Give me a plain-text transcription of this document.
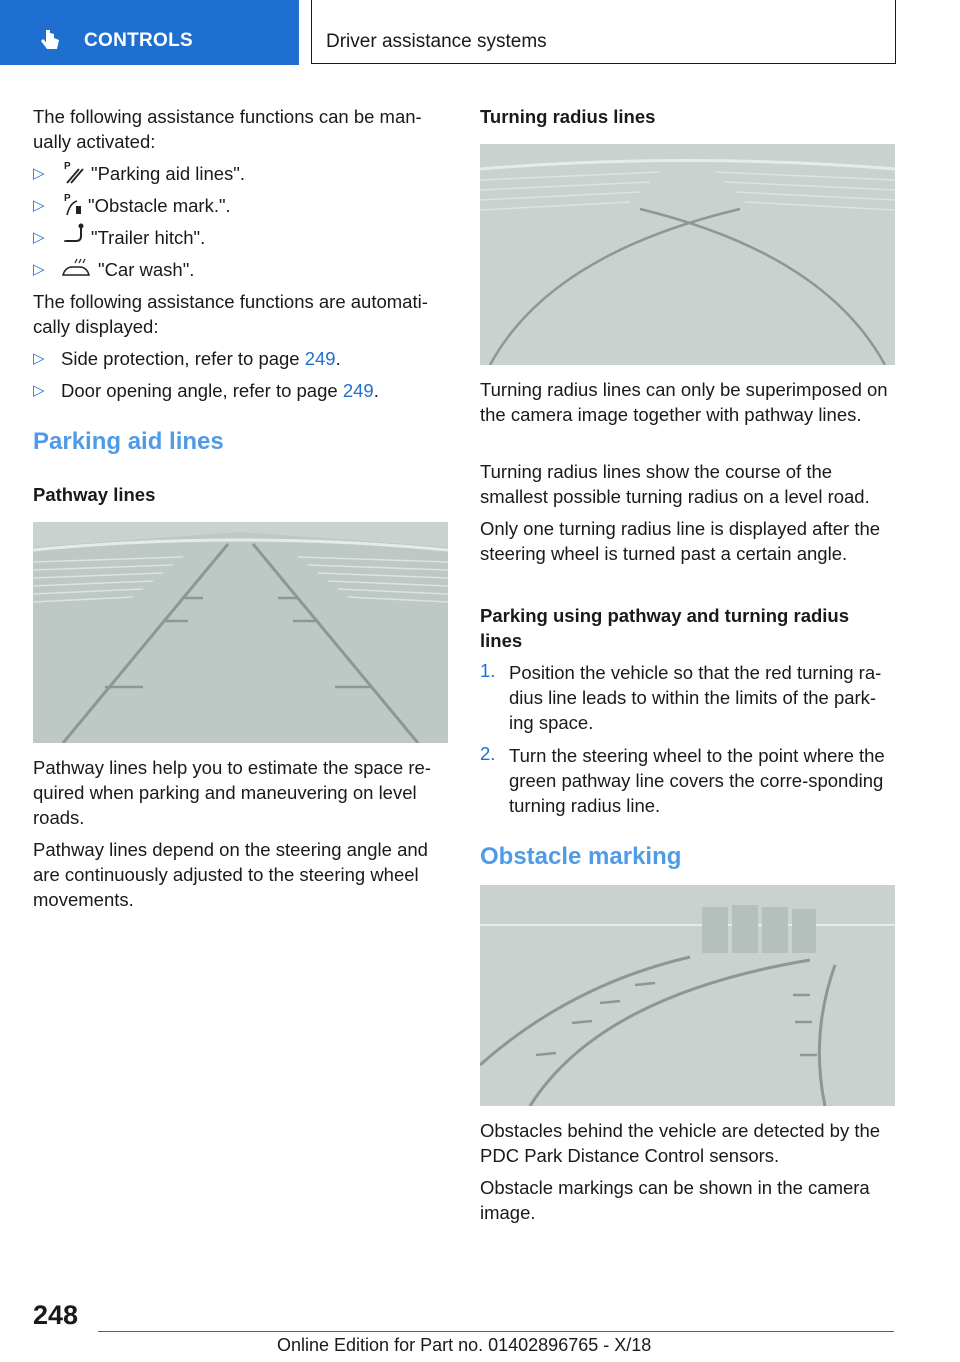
CONTROLS	Driver assistance systems
The following assistance functions can be man‐ually activated:
▷	P "Parking aid lines".
▷	P "Obstacle mark.".
▷	"Trailer hitch".
▷	"Car wash".
The following assistance functions are automati‐cally displayed:
▷ Side protection, refer to page 249.
▷ Door opening angle, refer to page 249.
Parking aid lines
Pathway lines
Pathway lines help you to estimate the space re‐quired when parking and maneuvering on level roads.
Pathway lines depend on the steering angle and are continuously adjusted to the steering wheel movements.
Turning radius lines
Turning radius lines can only be superimposed on the camera image together with pathway lines.
Turning radius lines show the course of the smallest possible turning radius on a level road.
Only one turning radius line is displayed after the steering wheel is turned past a certain angle.
Parking using pathway and turning radius lines
1. Position the vehicle so that the red turning ra‐dius line leads to within the limits of the park‐ing space.
2. Turn the steering wheel to the point where the green pathway line covers the corre‐sponding turning radius line.
Obstacle marking
Obstacles behind the vehicle are detected by the PDC Park Distance Control sensors.
Obstacle markings can be shown in the camera image.
248
Online Edition for Part no. 01402896765 - X/18
